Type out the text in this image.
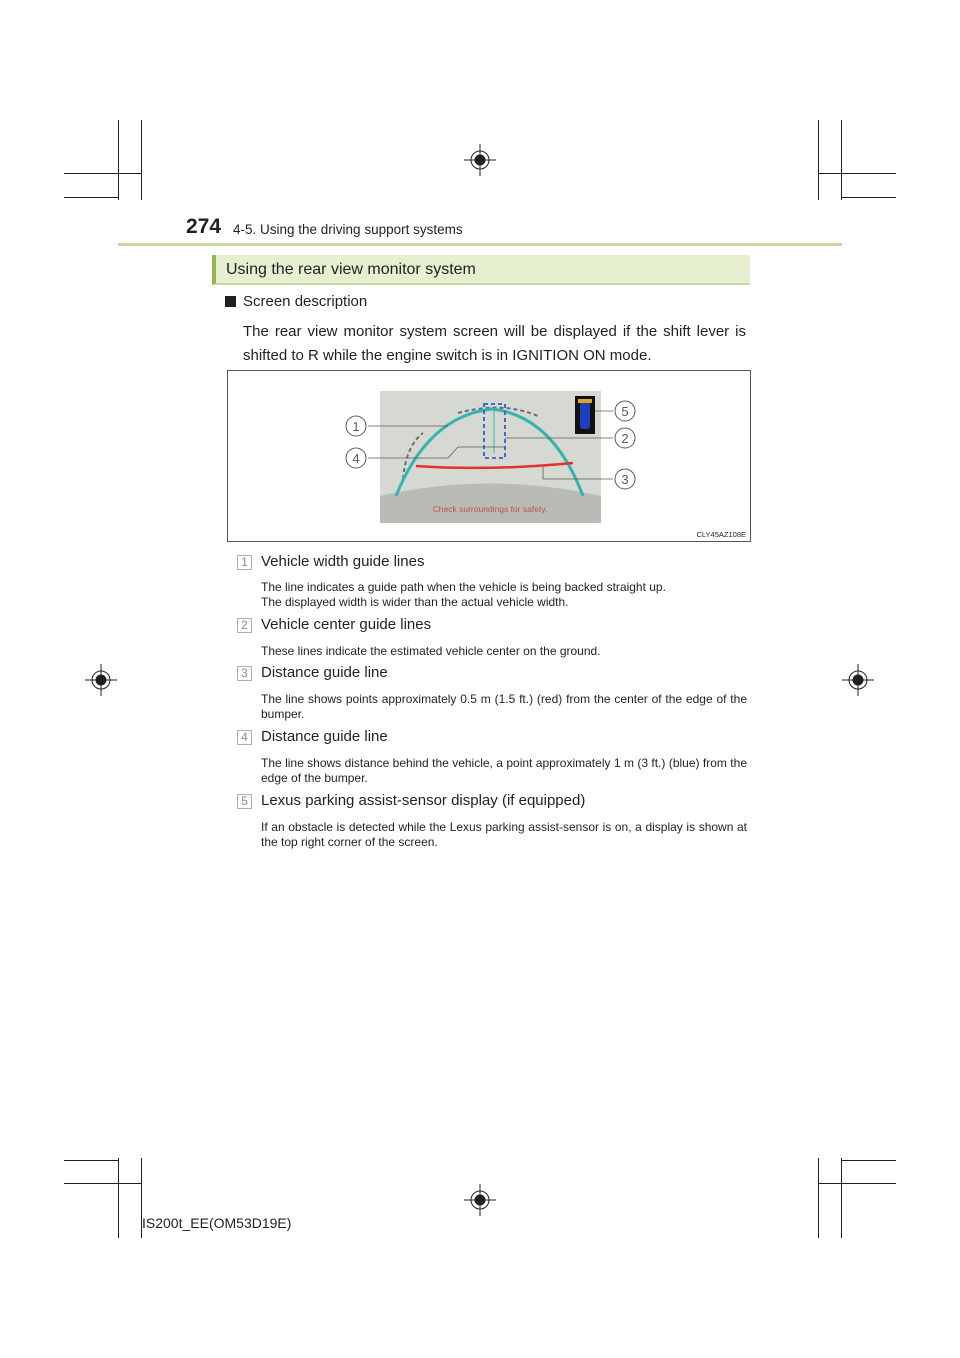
274 4-5. Using the driving support systems
Using the rear view monitor system
Screen description
The rear view monitor system screen will be displayed if the shift lever is shifted to R while the engine switch is in IGNITION ON mode.
Check surroundings for safety.
1
4
5
2
3
CLY45AZ108E
1 Vehicle width guide lines
The line indicates a guide path when the vehicle is being backed straight up.
The displayed width is wider than the actual vehicle width.
2 Vehicle center guide lines
These lines indicate the estimated vehicle center on the ground.
3 Distance guide line
The line shows points approximately 0.5 m (1.5 ft.) (red) from the center of the edge of the bumper.
4 Distance guide line
The line shows distance behind the vehicle, a point approximately 1 m (3 ft.) (blue) from the edge of the bumper.
5 Lexus parking assist-sensor display (if equipped)
If an obstacle is detected while the Lexus parking assist-sensor is on, a display is shown at the top right corner of the screen.
IS200t_EE(OM53D19E)
